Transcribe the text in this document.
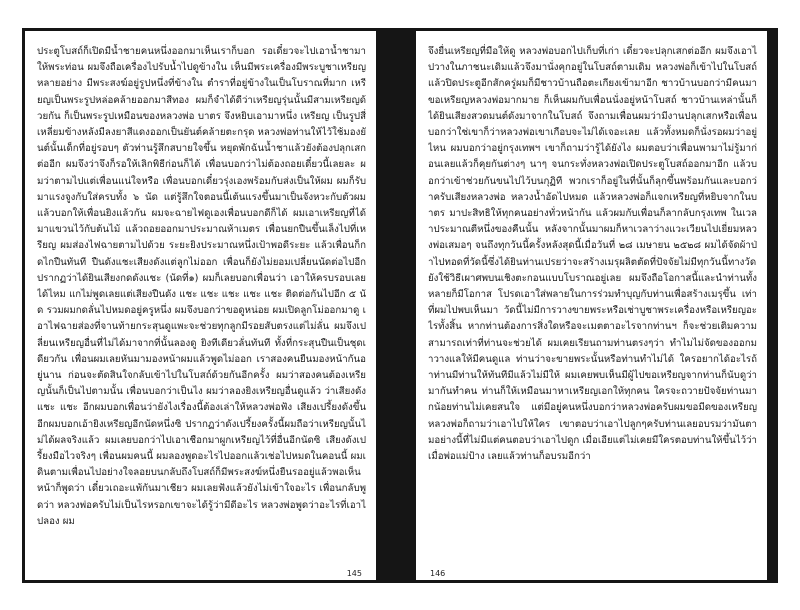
ประตูโบสถ์ก็เปิดมีน้ำชายคนหนึ่งออกมาเห็นเราก็บอก รอเดี๋ยวจะไปเอาน้ำชามาให้พระท่อน ผมจึงถือเครื่องไปรับน้ำไปดูข้างใน เห็นมีพระเครื่องมีพระบูชาเหรียญหลายอย่าง มีพระสงฆ์อยู่รูปหนึ่งที่ข้างใน ตำราที่อยู่ข้างในเป็นโบราณที่มาก เหรียญเป็นพระรูปหล่อคล้ายออกมาสีทอง ผมก็จำได้ดีว่าเหรียญรุ่นนั้นมีสามเหรียญด้วยกัน ก็เป็นพระรูปเหมือนของหลวงพ่อ บาตร จึงหยิบเอามาหนึ่ง เหรียญ เป็นรูปสี่เหลี่ยมข้างหลังมีลงยาสีแดงออกเป็นยันต์คล้ายตะกรุด หลวงพ่อท่านให้ไว้ใช้มองยันต์นั้นเด็กที่อยู่รอบๆ ตัวท่านรู้สึกสบายใจขึ้น หยุดพักฉันน้ำชาแล้วยังต้องปลุกเสกต่ออีก ผมจึงว่าจึงก็รอให้เลิกพิธีก่อนก็ได้ เพื่อนบอกว่าไม่ต้องถอยเดี๋ยวนี้เลยละ ผมว่าตามไปแต่เพื่อนแน่ใจหรือ เพื่อนบอกเดี๋ยวรุ่งเองพร้อมกับส่งเป็นให้ผม ผมก็รับมาแรงจูงกับใส่ครบทั้ง ๖ นัด แต่รู้สึกใจตอนนี้เต้นแรงขึ้นมาเป็นจังหวะกับตัวผม แล้วบอกให้เพื่อนยิงแล้วกัน ผมจะฉายไฟดูเองเพื่อนบอกดีก็ได้ ผมเอาเหรียญที่ได้มาแขวนไว้กับต้นไม้ แล้วถอยออกมาประมาณห้าเมตร เพื่อนยกปืนขึ้นเล็งไปที่เหรียญ ผมส่องไฟฉายตามไปด้วย ระยะยิงประมาณหนึ่งเป้าพอดีระยะ แล้วเพื่อนก็กดไกปืนทันที ปืนดังแชะเสียงดังแต่ลูกไม่ออก เพื่อนก็ยังไม่ยอมเปลี่ยนนัดต่อไปอีก ปรากฏว่าได้ยินเสียงกดดังแชะ (นัดที่๑) ผมก็เลยบอกเพื่อนว่า เอาให้ครบรอบเลยได้ไหม แกไม่พูดเลยแต่เสียงปืนดัง แชะ แชะ แชะ แชะ แชะ ติดต่อกันไปอีก ๕ นัด รวมผมกดลั่นไปหมดอยู่ครูหนึ่ง ผมจึงบอกว่าขอดูหน่อย ผมเปิดลูกโม่ออกมาดู เอาไฟฉายส่องที่จานท้ายกระสุนดูแพะจะช่วยทุกลูกมีรอยสับตรงแต่ไม่ลั่น ผมจึงเปลี่ยนเหรียญอื่นที่ไม่ได้มาจากที่นั้นลองดู ยิงทีเดียวลั่นทันที ทั้งที่กระสุนปืนเป็นชุดเดียวกัน เพื่อนผมเลยหันมามองหน้าผมแล้วพูดไม่ออก เราสองคนยืนมองหน้ากันอยู่นาน ก่อนจะตัดสินใจกลับเข้าไปในโบสถ์ด้วยกันอีกครั้ง ผมว่าสองคนต้องเหรียญนั้นก็เป็นไปตามนั้น เพื่อนบอกว่าเป็นไง ผมว่าลองยิงเหรียญอื่นดูแล้ว ว่าเสียงดัง แชะ แชะ อีกผมบอกเพื่อนว่ายังไงเรื่องนี้ต้องเล่าให้หลวงพ่อฟัง เสียงเปรี้ยงดังขึ้นอีกผมบอกเอ้ายิงเหรียญอีกนัดหนึ่งซิ ปรากฏว่าดังเปรี้ยงครั้งนี้ผมถือว่าเหรียญนั้นไม่ได้ผลจริงแล้ว ผมเลยบอกว่าไปเอาเชือกมาผูกเหรียญไว้ที่อื่นอีกนัดซิ เสียงดังเปรี้ยงมือไวจริงๆ เพื่อนผมคนนี้ ผมลองพูดอะไรไปออกแล้วเช่อไปหมดในคอนนี้ ผมเดินตามเพื่อนไปอย่างใจลอยบนกลับถึงโบสถ์ก็มีพระสงฆ์หนึ่งยืนรออยู่แล้วพอเห็นหน้าก็พูดว่า เดี๋ยวเถอะแพ้กันมาเชียว ผมเลยฟังแล้วยังไม่เข้าใจอะไร เพื่อนกลับพูดว่า หลวงพ่อครับไม่เป็นไรหรอกเขาจะได้รู้ว่ามีดีอะไร หลวงพ่อพูดว่าอะไรที่เอาไปลอง ผม

145

จึงยื่นเหรียญที่มือให้ดู หลวงพ่อบอกไปเก็บที่เก่า เดี๋ยวจะปลุกเสกต่ออีก ผมจึงเอาไปวางในภาชนะเดิมแล้วจึงมานั่งคุกอยู่ในโบสถ์ตามเดิม หลวงพ่อก็เข้าไปในโบสถ์ แล้วปิดประตูอีกสักครู่ผมก็มีชาวบ้านถือตะเกียงเข้ามาอีก ชาวบ้านบอกว่ามีคนมาขอเหรียญหลวงพ่อมากมาย ก็เห็นผมกับเพื่อนนั่งอยู่หน้าโบสถ์ ชาวบ้านเหล่านั้นก็ได้ยินเสียงสวดมนต์ดังมาจากในโบสถ์ จึงถามเพื่อนผมว่ามีงานปลุกเสกหรือเพื่อนบอกว่าใช่เขาก็ว่าหลวงพ่อเขาเกือบจะไม่ได้เจอะเลย แล้วทั้งหมดก็นั่งรอผมว่าอยู่ไหน ผมบอกว่าอยู่กรุงเทพฯ เขาก็ถามว่ารู้ได้ยังไง ผมตอบว่าเพื่อนพามาไม่รู้มาก่อนเลยแล้วก็คุยกันต่างๆ นาๆ จนกระทั่งหลวงพ่อเปิดประตูโบสถ์ออกมาอีก แล้วบอกว่าเข้าช่วยกันขนไปไว้บนกุฏิที พวกเราก็อยู่ในที่นั้นก็ลุกขึ้นพร้อมกันและบอกว่าครับเสียงหลวงพ่อ หลวงน้ำอัดไปหมด แล้วหลวงพ่อก็แจกเหรียญที่หยิบจากในบาตร มาปะสิทธิให้ทุกคนอย่างทั่วหน้ากัน แล้วผมกับเพื่อนก็ลากลับกรุงเทพ ในเวลาประมาณตีหนึ่งของคืนนั้น หลังจากนั้นมาผมก็หาเวลาว่างแวะเวียนไปเยี่ยมหลวงพ่อเสมอๆ จนถึงทุกวันนี้ครั้งหลังสุดนี้เมื่อวันที่ ๒๘ เมษายน ๒๕๒๘ ผมได้จัดผ้าป่าไปทอดที่วัดนี้ซึ่งได้ยินท่านเปรยว่าจะสร้างเมรุผลิตตัดที่ปัจจัยไม่มีทุกวันนี้ทางวัดยังใช้วิธีเผาศพบนเชิงตะกอนแบบโบราณอยู่เลย ผมจึงถือโอกาสนี้และนำท่านทั้งหลายก็มีโอกาส โปรดเอาใส่พลายในการร่วมทำบุญกับท่านเพื่อสร้างเมรุขึ้น เท่าที่ผมไปพบเห็นมา วัดนี้ไม่มีการวางขายพระหรือเช่าบูชาพระเครื่องหรือเหรียญอะไรทั้งสิ้น หากท่านต้องการสิ่งใดหรือจะเมตตาอะไรจากท่านฯ ก็จะช่วยเติมความสามารถเท่าที่ท่านจะช่วยได้ ผมเคยเรียนถามท่านตรงๆว่า ทำไมไม่จัดของออกมาวางแลให้มีคนดูแล ท่านว่าจะขายพระนั้นหรือท่านทำไม่ได้ ใครอยากได้อะไรถ้าท่านมีท่านให้ทันทีมีแล้วไม่มีให้ ผมเคยพบเห็นมีผู้ไปขอเหรียญจากท่านก็นับดูว่ามากันทำคน ท่านก็ให้เหมือนมาหาเหรียญเอกให้ทุกคน ใครจะถวายปัจจัยท่านมากน้อยท่านไม่เคยสนใจ แต่มีอยู่คนหนึ่งบอกว่าหลวงพ่อครับผมขอมีดของเหรียญ หลวงพ่อก็ถามว่าเอาไปให้ใคร เขาตอบว่าเอาไปลูกๆครับท่านเลยอบรมว่ามันตามอย่างนี้ที่ไม่มีแต่คนตอบว่าเอาไปดูก เมื่อเอียแต่ไม่เคยมีใครตอบท่านให้ขึ้นไว้ว่าเมื่อพ่อแม่ป้าง เลยแล้วท่านก็อบรมอีกว่า

146
